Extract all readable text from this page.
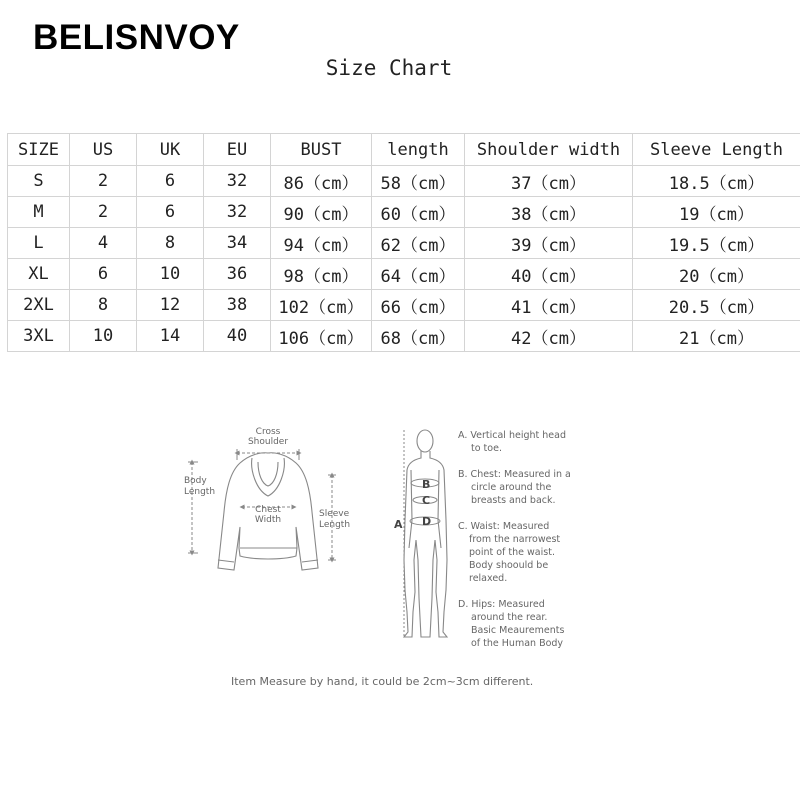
BELISNVOY
Size Chart
SIZE	US	UK	EU	BUST	length	Shoulder width	Sleeve Length
S	2	6	32	86（cm）	58（cm）	37（cm）	18.5（cm）
M	2	6	32	90（cm）	60（cm）	38（cm）	19（cm）
L	4	8	34	94（cm）	62（cm）	39（cm）	19.5（cm）
XL	6	10	36	98（cm）	64（cm）	40（cm）	20（cm）
2XL	8	12	38	102（cm）	66（cm）	41（cm）	20.5（cm）
3XL	10	14	40	106（cm）	68（cm）	42（cm）	21（cm）
Cross
Shoulder
Body
Length
Chest
Width
Sleeve
Length	A
B
C
D
A. Vertical height head
to toe.
B. Chest: Measured in a
circle around the
breasts and back.
C. Waist: Measured
from the narrowest
point of the waist.
Body shoould be
relaxed.
D. Hips: Measured
around the rear.
Basic Meaurements
of the Human Body
Item Measure by hand, it could be 2cm~3cm different.
